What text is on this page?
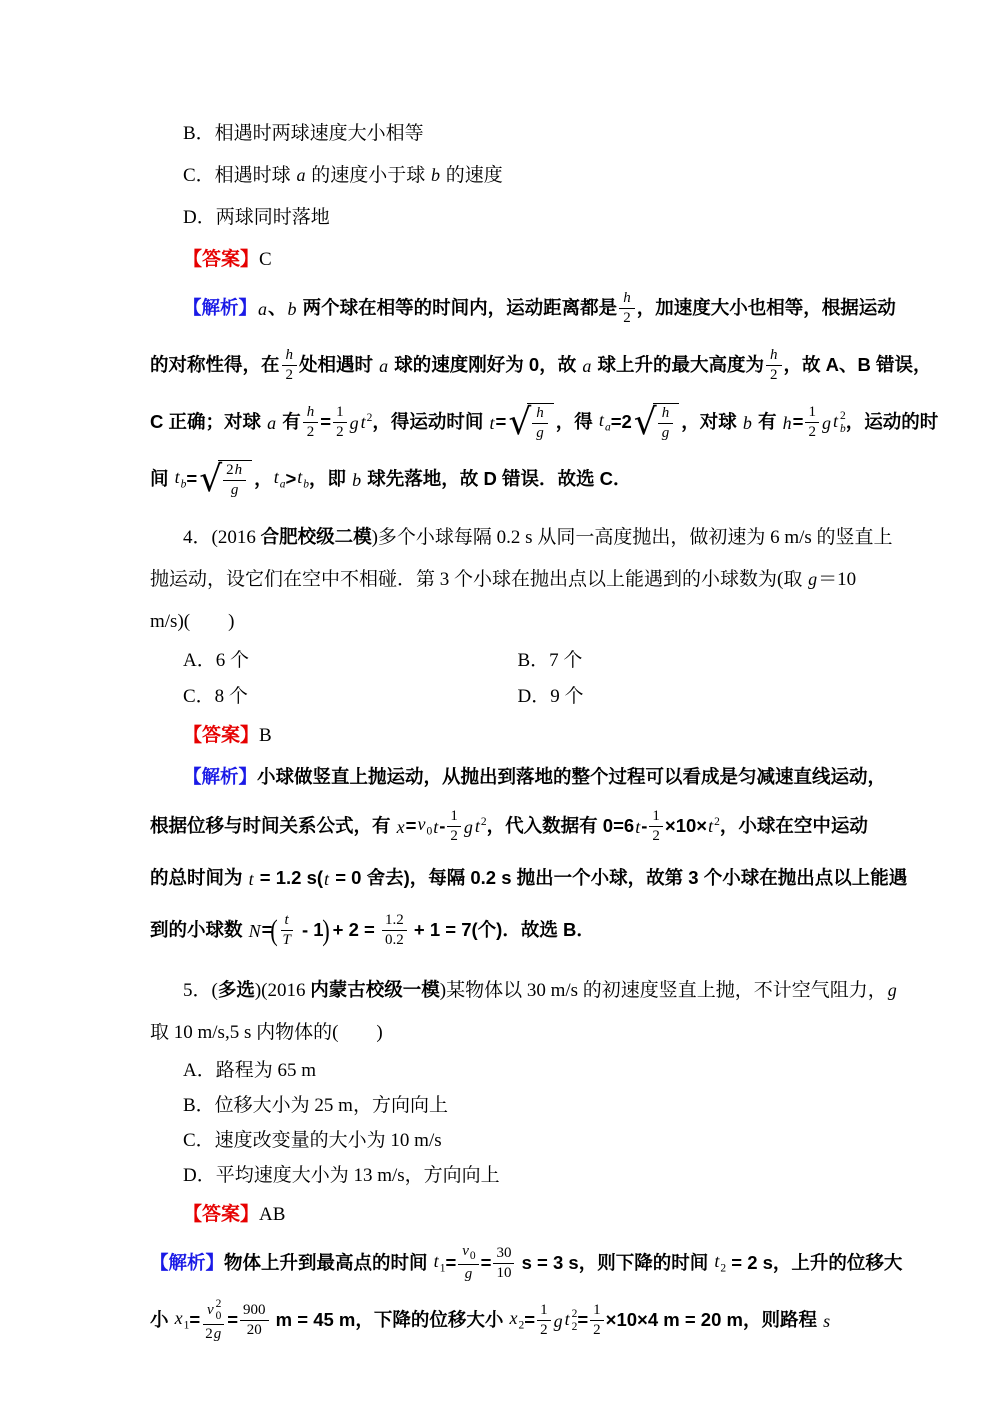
B．相遇时两球速度大小相等
C．相遇时球 a 的速度小于球 b 的速度
D．两球同时落地
【答案】 C
【解析】 a 、 b 两个球在相等的时间内，运动距离都是 $\frac{h}{2}$ ，加速度大小也相等，根据运动
的对称性得，在 $\frac{h}{2}$ 处相遇时 a 球的速度刚好为 0，故 a 球上升的最大高度为 $\frac{h}{2}$ ，故 A、B 错误，
C 正确；对球 a 有 $\frac{h}{2} = \frac{1}{2}$ g $t^2$ ，得运动时间 t = √ $\frac{h}{g}$ ，得 $t_a =2$ √ $\frac{h}{g}$ ，对球 b 有 $h = \frac{1}{2}$ g t 2
b ，运动的时
间 $t_b$ = √ $\frac{2 h}{g}$ ， $t_a > t_b$ ，即 b 球先落地，故 D 错误．故选 C．
4．(2016 合肥校级二模 )多个小球每隔 0.2 s 从同一高度抛出，做初速为 6 m/s 的竖直上
抛运动，设它们在空中不相碰．第 3 个小球在抛出点以上能遇到的小球数为(取 g ＝10
m/s)(　　)
A．6 个	B．7 个
C．8 个	D．9 个
【答案】 B
【解析】 小球做竖直上抛运动，从抛出到落地的整个过程可以看成是匀减速直线运动，
根据位移与时间关系公式，有 $x = v_0$ t - $\frac{1}{2}$ g $t^2$ ，代入数据有 0=6 $t - \frac{1}{2} \times 10\times t^2$ ，小球在空中运动
的总时间为 t = 1.2 s( t = 0 舍去)，每隔 0.2 s 抛出一个小球，故第 3 个小球在抛出点以上能遇
到的小球数 N =
( $\frac{t}{T} - 1$
)
+ $2 = \frac{1.2}{0.2} + 1 = 7$(个)．故选 B．
5．( 多选 )(2016 内蒙古校级一模 )某物体以 30 m/s 的初速度竖直上抛，不计空气阻力， g
取 10 m/s,5 s 内物体的(　　)
A．路程为 65 m
B．位移大小为 25 m，方向向上
C．速度改变量的大小为 10 m/s
D．平均速度大小为 13 m/s，方向向上
【答案】 AB
【解析】 物体上升到最高点的时间 $t_1 = \frac{v_0}{g} = \frac{30}{10}$ s = 3 s，则下降的时间 $t_2 = 2$ s，上升的位移大
小 $x_1 = v$ 2
0
2 $g = \frac{900}{20}$ m = 45 m，下降的位移大小 $x_2 = \frac{1}{2}$ g t 2
$2 = \frac{1}{2} \times 10\times 4$ m = 20 m，则路程 s
